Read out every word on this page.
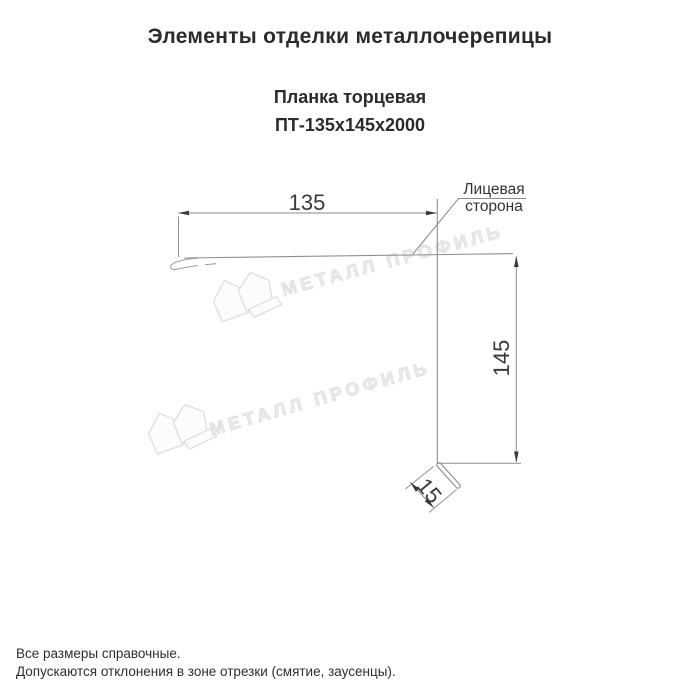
Элементы отделки металлочерепицы
Планка торцевая
ПТ-135х145х2000
МЕТАЛЛ ПРОФИЛЬ
МЕТАЛЛ ПРОФИЛЬ
135
145
15
Лицевая
сторона
Все размеры справочные.
Допускаются отклонения в зоне отрезки (смятие, заусенцы).
